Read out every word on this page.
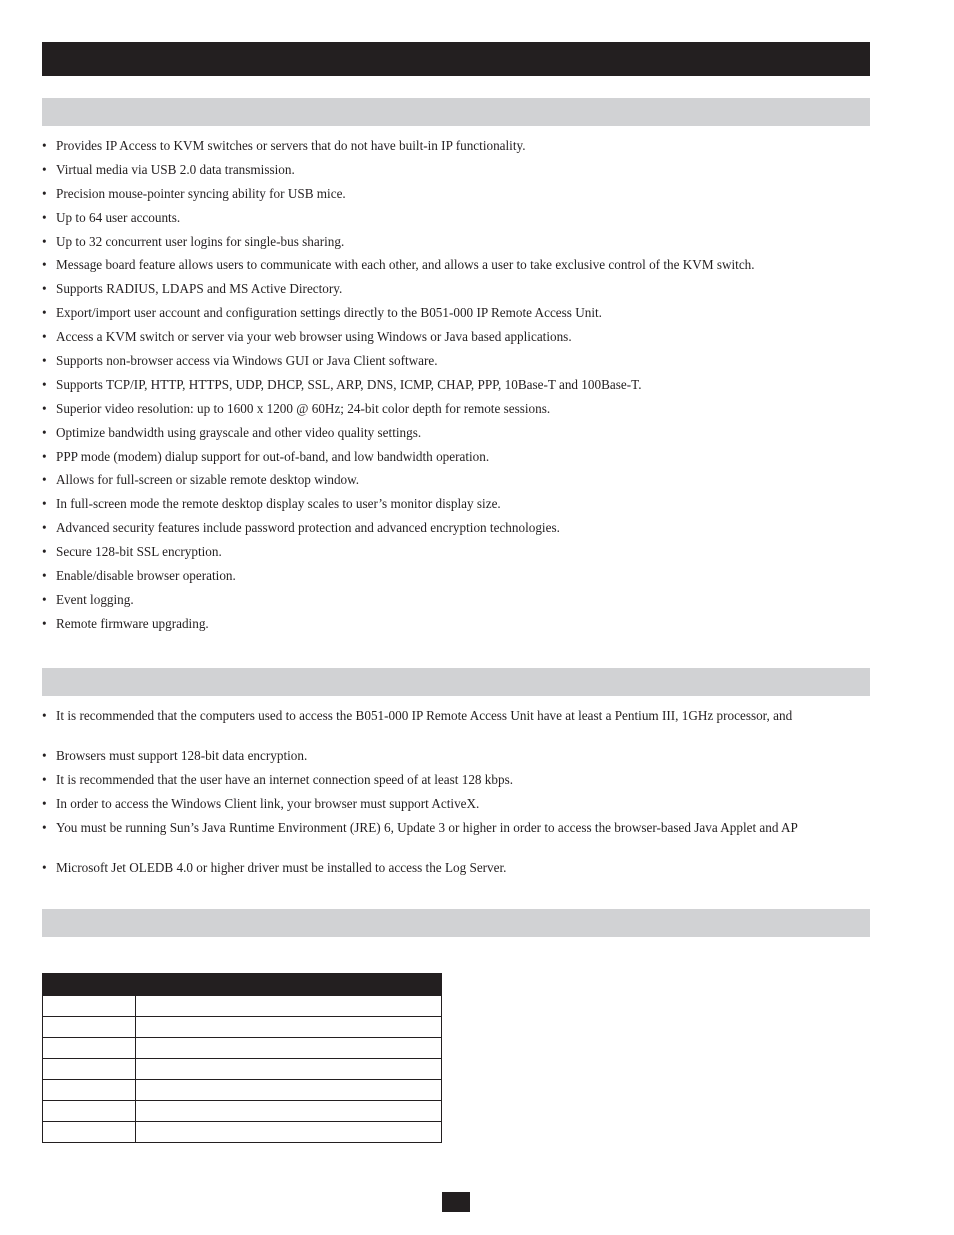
• Provides IP Access to KVM switches or servers that do not have built-in IP functionality.
• Virtual media via USB 2.0 data transmission.
• Precision mouse-pointer syncing ability for USB mice.
• Up to 64 user accounts.
• Up to 32 concurrent user logins for single-bus sharing.
• Message board feature allows users to communicate with each other, and allows a user to take exclusive control of the KVM switch.
• Supports RADIUS, LDAPS and MS Active Directory.
• Export/import user account and configuration settings directly to the B051-000 IP Remote Access Unit.
• Access a KVM switch or server via your web browser using Windows or Java based applications.
• Supports non-browser access via Windows GUI or Java Client software.
• Supports TCP/IP, HTTP, HTTPS, UDP, DHCP, SSL, ARP, DNS, ICMP, CHAP, PPP, 10Base-T and 100Base-T.
• Superior video resolution: up to 1600 x 1200 @ 60Hz; 24-bit color depth for remote sessions.
• Optimize bandwidth using grayscale and other video quality settings.
• PPP mode (modem) dialup support for out-of-band, and low bandwidth operation.
• Allows for full-screen or sizable remote desktop window.
• In full-screen mode the remote desktop display scales to user’s monitor display size.
• Advanced security features include password protection and advanced encryption technologies.
• Secure 128-bit SSL encryption.
• Enable/disable browser operation.
• Event logging.
• Remote firmware upgrading.
• It is recommended that the computers used to access the B051-000 IP Remote Access Unit have at least a Pentium III, 1GHz processor, and
• Browsers must support 128-bit data encryption.
• It is recommended that the user have an internet connection speed of at least 128 kbps.
• In order to access the Windows Client link, your browser must support ActiveX.
• You must be running Sun’s Java Runtime Environment (JRE) 6, Update 3 or higher in order to access the browser-based Java Applet and AP
• Microsoft Jet OLEDB 4.0 or higher driver must be installed to access the Log Server.
